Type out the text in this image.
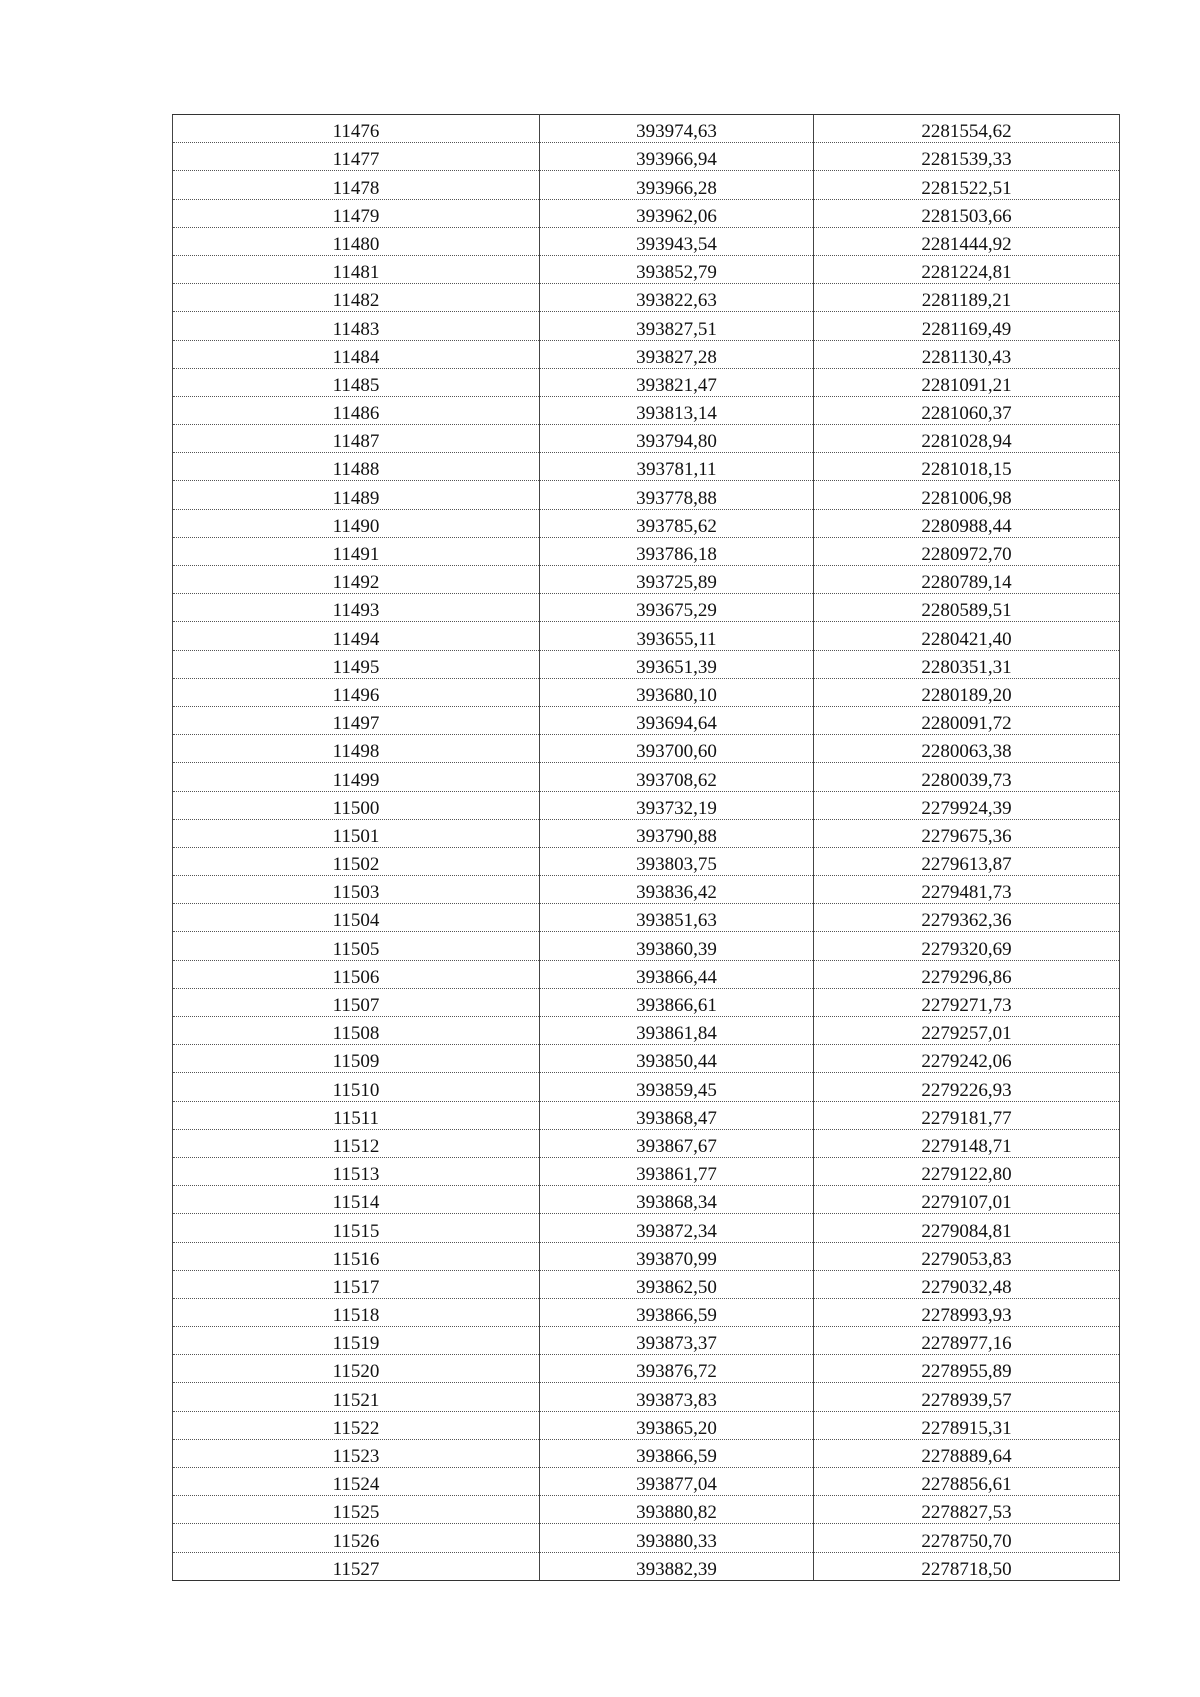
11476	393974,63	2281554,62
11477	393966,94	2281539,33
11478	393966,28	2281522,51
11479	393962,06	2281503,66
11480	393943,54	2281444,92
11481	393852,79	2281224,81
11482	393822,63	2281189,21
11483	393827,51	2281169,49
11484	393827,28	2281130,43
11485	393821,47	2281091,21
11486	393813,14	2281060,37
11487	393794,80	2281028,94
11488	393781,11	2281018,15
11489	393778,88	2281006,98
11490	393785,62	2280988,44
11491	393786,18	2280972,70
11492	393725,89	2280789,14
11493	393675,29	2280589,51
11494	393655,11	2280421,40
11495	393651,39	2280351,31
11496	393680,10	2280189,20
11497	393694,64	2280091,72
11498	393700,60	2280063,38
11499	393708,62	2280039,73
11500	393732,19	2279924,39
11501	393790,88	2279675,36
11502	393803,75	2279613,87
11503	393836,42	2279481,73
11504	393851,63	2279362,36
11505	393860,39	2279320,69
11506	393866,44	2279296,86
11507	393866,61	2279271,73
11508	393861,84	2279257,01
11509	393850,44	2279242,06
11510	393859,45	2279226,93
11511	393868,47	2279181,77
11512	393867,67	2279148,71
11513	393861,77	2279122,80
11514	393868,34	2279107,01
11515	393872,34	2279084,81
11516	393870,99	2279053,83
11517	393862,50	2279032,48
11518	393866,59	2278993,93
11519	393873,37	2278977,16
11520	393876,72	2278955,89
11521	393873,83	2278939,57
11522	393865,20	2278915,31
11523	393866,59	2278889,64
11524	393877,04	2278856,61
11525	393880,82	2278827,53
11526	393880,33	2278750,70
11527	393882,39	2278718,50
